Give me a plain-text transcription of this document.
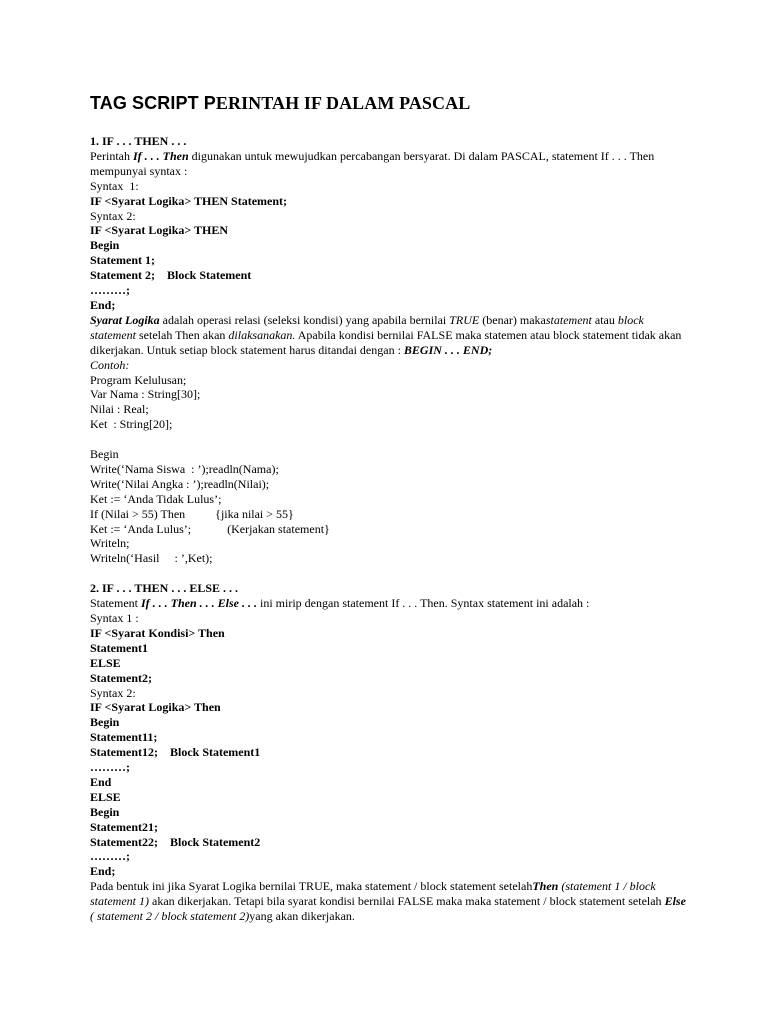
TAG SCRIPT PERINTAH IF DALAM PASCAL
1. IF . . . THEN . . .
Perintah If . . . Then digunakan untuk mewujudkan percabangan bersyarat. Di dalam PASCAL, statement If . . . Then mempunyai syntax :
Syntax  1:
IF <Syarat Logika> THEN Statement;
Syntax 2:
IF <Syarat Logika> THEN
Begin
Statement 1;
Statement 2;    Block Statement
………;
End;
Syarat Logika adalah operasi relasi (seleksi kondisi) yang apabila bernilai TRUE (benar) makastatement atau block statement setelah Then akan dilaksanakan. Apabila kondisi bernilai FALSE maka statemen atau block statement tidak akan dikerjakan. Untuk setiap block statement harus ditandai dengan : BEGIN . . . END;
Contoh:
Program Kelulusan;
Var Nama : String[30];
Nilai : Real;
Ket  : String[20];
Begin
Write(‘Nama Siswa  : ’);readln(Nama);
Write(‘Nilai Angka : ’);readln(Nilai);
Ket := ‘Anda Tidak Lulus’;
If (Nilai > 55) Then          {jika nilai > 55}
Ket := ‘Anda Lulus’;            (Kerjakan statement}
Writeln;
Writeln(‘Hasil     : ’,Ket);
2. IF . . . THEN . . . ELSE . . .
Statement If . . . Then . . . Else . . . ini mirip dengan statement If . . . Then. Syntax statement ini adalah :
Syntax 1 :
IF <Syarat Kondisi> Then
Statement1
ELSE
Statement2;
Syntax 2:
IF <Syarat Logika> Then
Begin
Statement11;
Statement12;    Block Statement1
………;
End
ELSE
Begin
Statement21;
Statement22;    Block Statement2
………;
End;
Pada bentuk ini jika Syarat Logika bernilai TRUE, maka statement / block statement setelahThen (statement 1 / block statement 1) akan dikerjakan. Tetapi bila syarat kondisi bernilai FALSE maka maka statement / block statement setelah Else ( statement 2 / block statement 2)yang akan dikerjakan.
